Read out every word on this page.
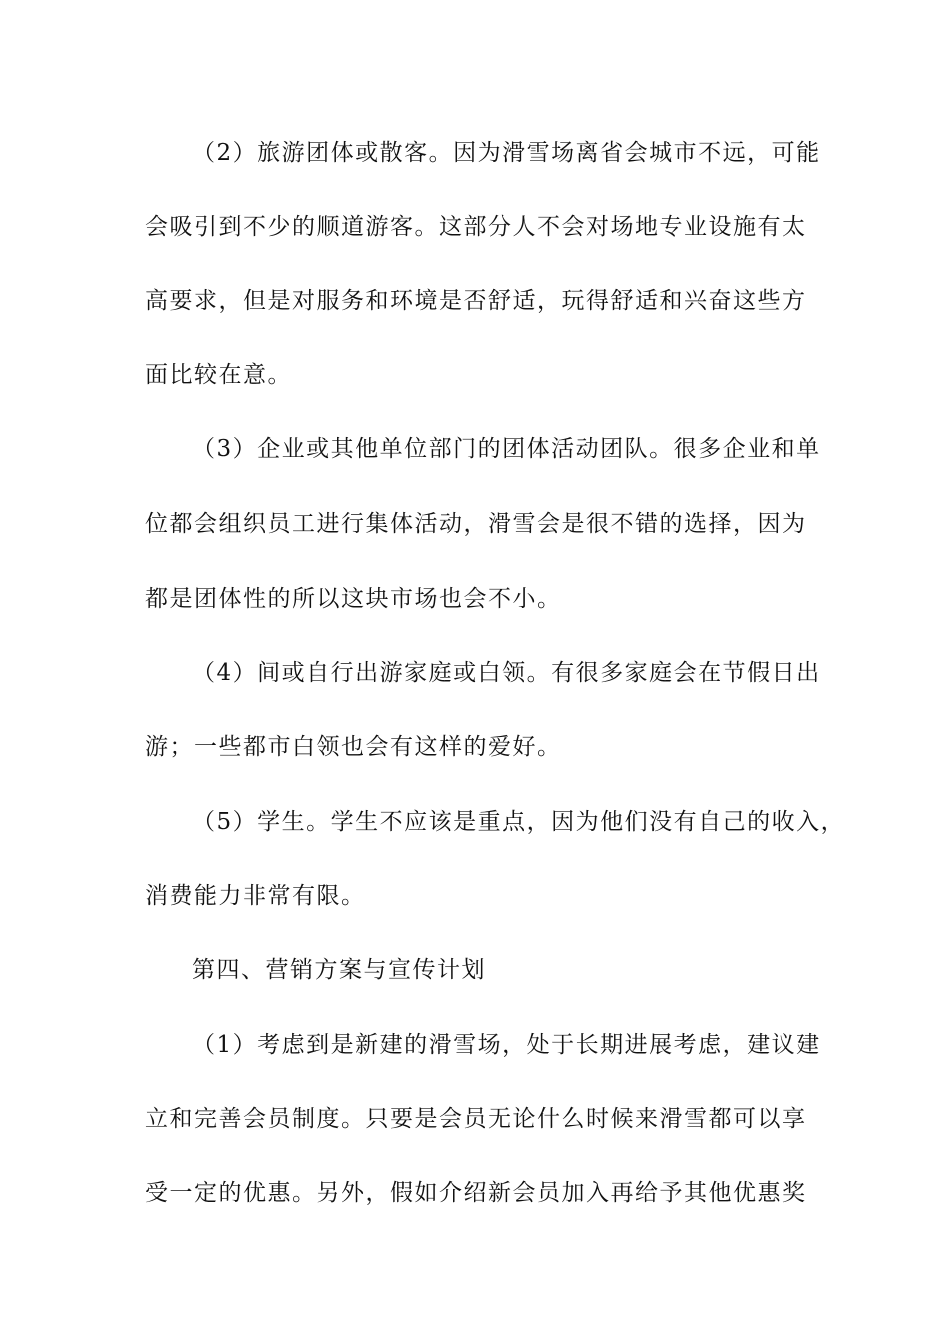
（2）旅游团体或散客。因为滑雪场离省会城市不远，可能

会吸引到不少的顺道游客。这部分人不会对场地专业设施有太

高要求，但是对服务和环境是否舒适，玩得舒适和兴奋这些方

面比较在意。

（3）企业或其他单位部门的团体活动团队。很多企业和单

位都会组织员工进行集体活动，滑雪会是很不错的选择，因为

都是团体性的所以这块市场也会不小。

（4）间或自行出游家庭或白领。有很多家庭会在节假日出

游；一些都市白领也会有这样的爱好。

（5）学生。学生不应该是重点，因为他们没有自己的收入，

消费能力非常有限。

第四、营销方案与宣传计划

（1）考虑到是新建的滑雪场，处于长期进展考虑，建议建

立和完善会员制度。只要是会员无论什么时候来滑雪都可以享

受一定的优惠。另外，假如介绍新会员加入再给予其他优惠奖
